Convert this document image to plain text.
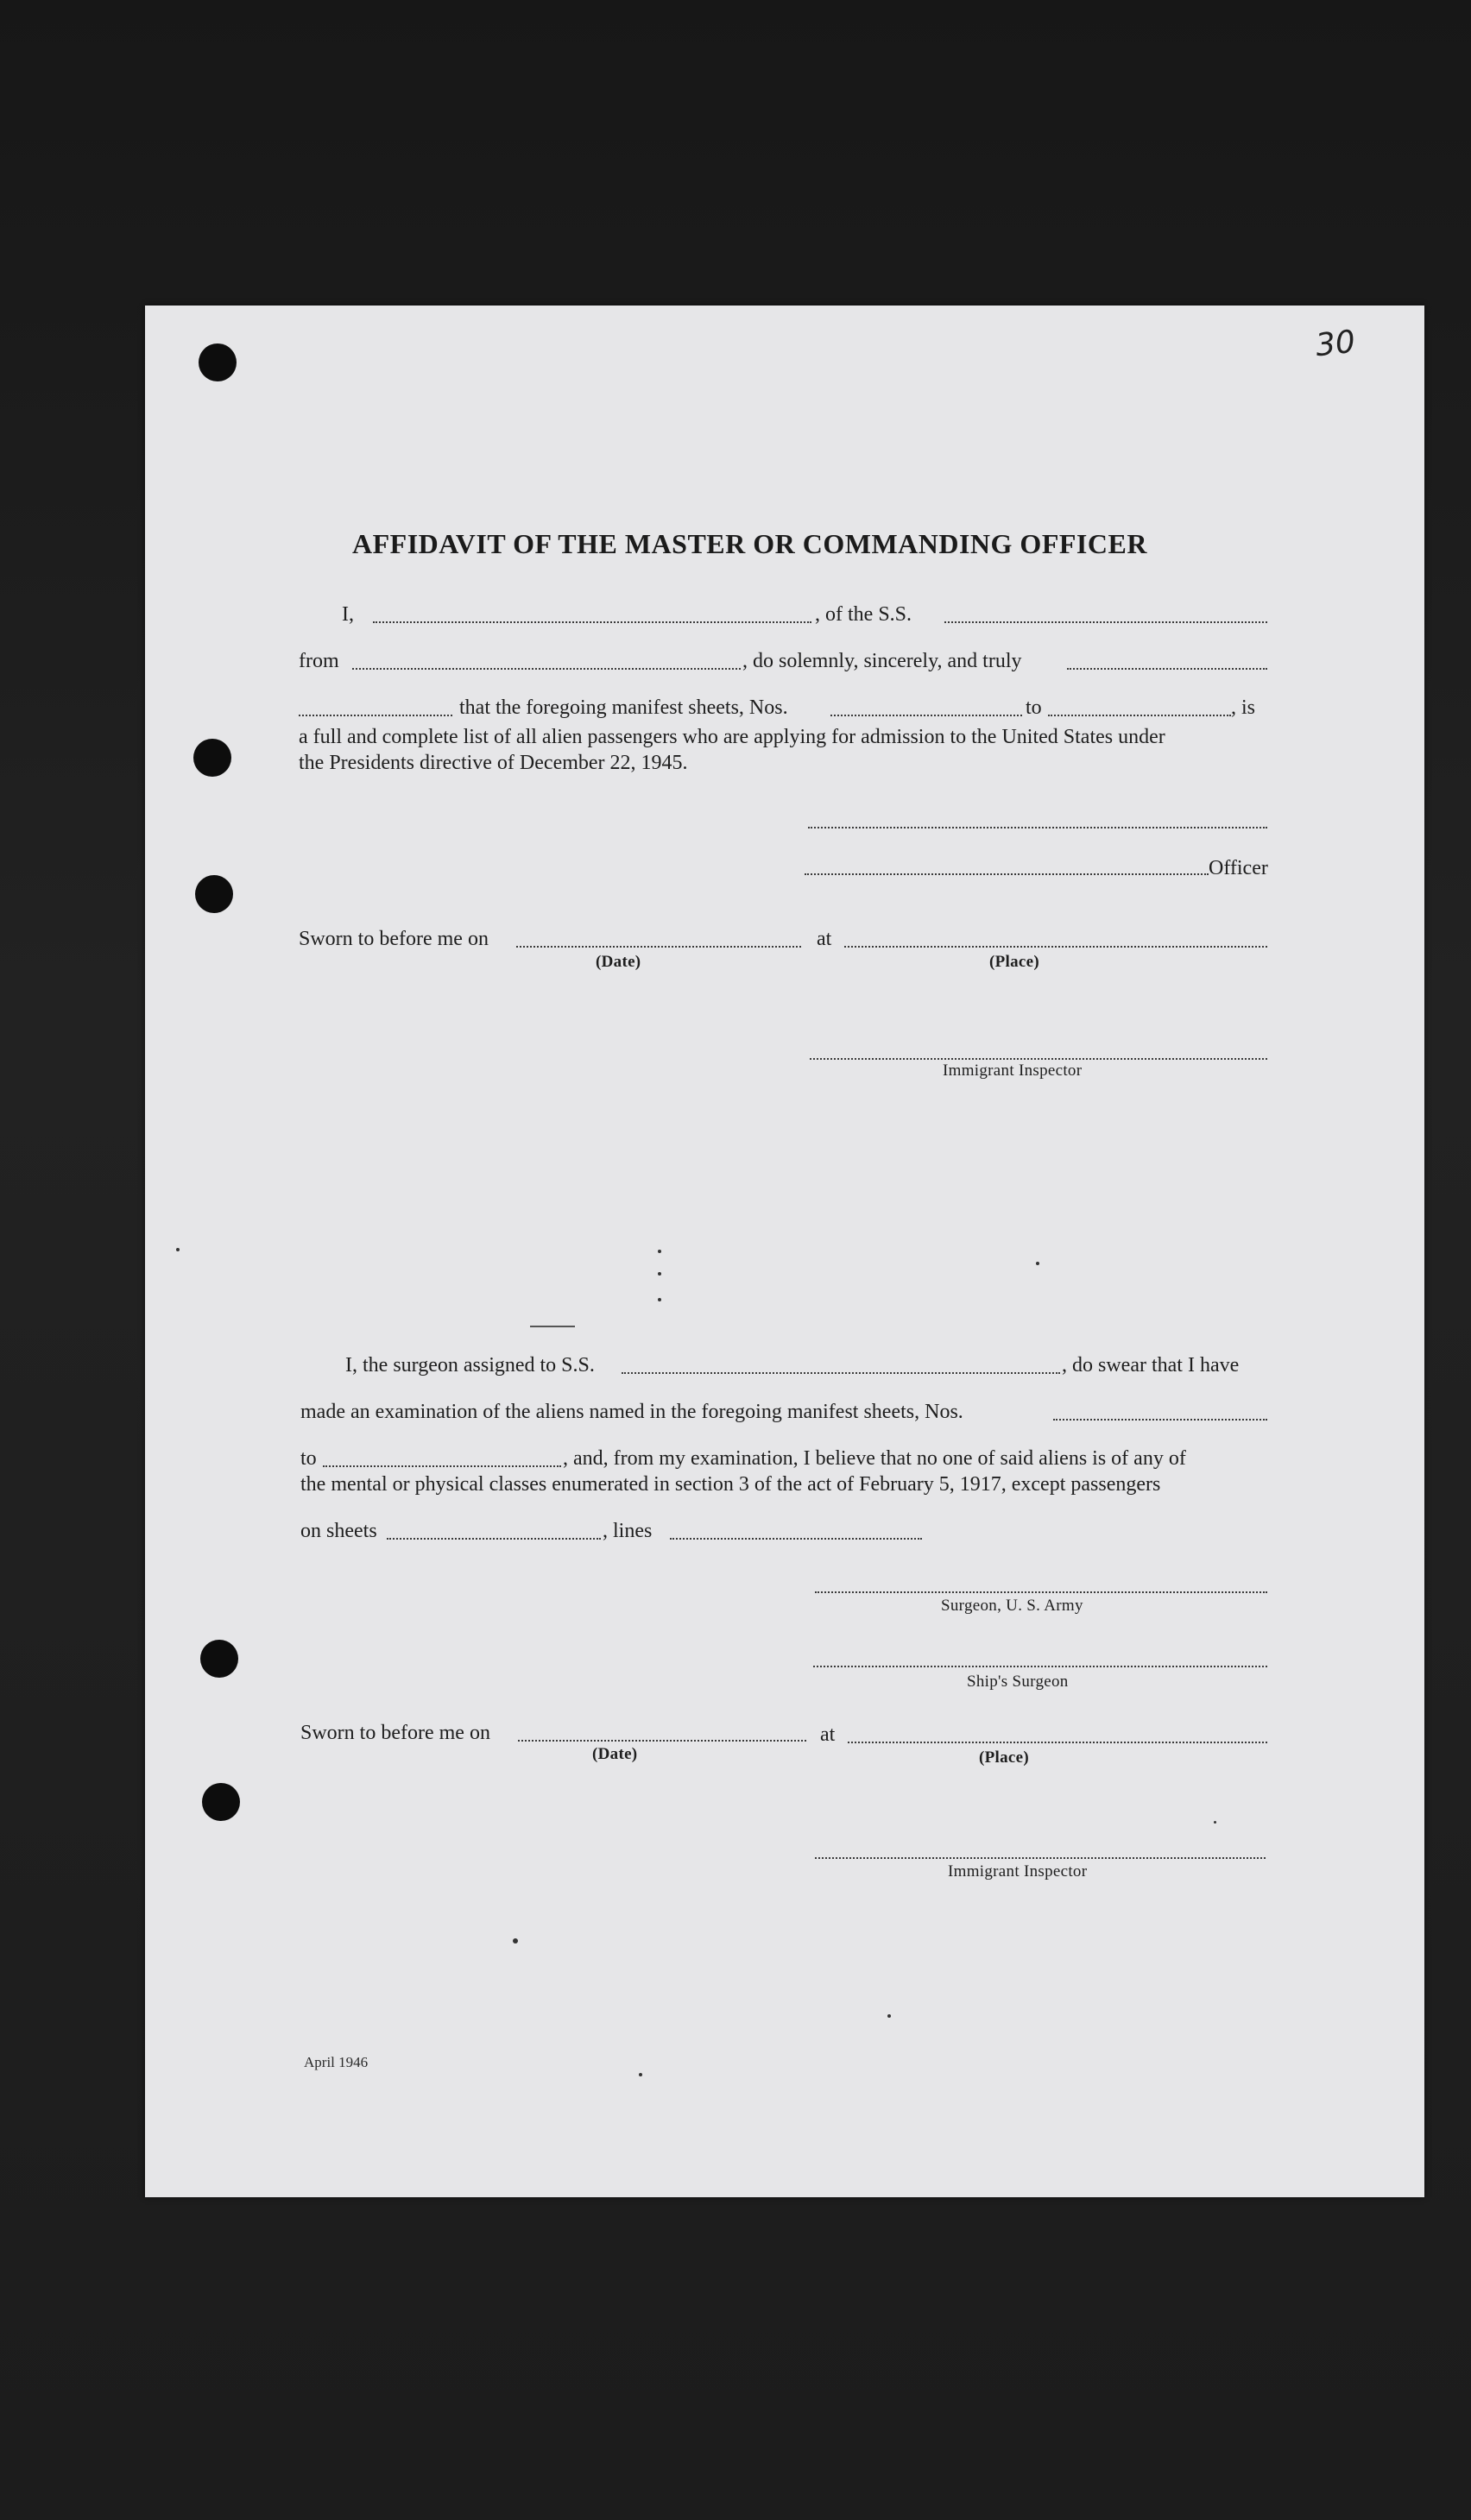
30
AFFIDAVIT OF THE MASTER OR COMMANDING OFFICER
I,	, of the S.S.
from	, do solemnly, sincerely, and truly
that the foregoing manifest sheets, Nos.	to	, is
a full and complete list of all alien passengers who are applying for admission to the United States under
the Presidents directive of December 22, 1945.
Officer
Sworn to before me on	at
(Date)	(Place)
Immigrant Inspector
I, the surgeon assigned to S.S.	, do swear that I have
made an examination of the aliens named in the foregoing manifest sheets, Nos.
to	, and, from my examination, I believe that no one of said aliens is of any of
the mental or physical classes enumerated in section 3 of the act of February 5, 1917, except passengers
on sheets	, lines
Surgeon, U. S. Army
Ship's Surgeon
Sworn to before me on	at
(Date)	(Place)
Immigrant Inspector
April 1946
